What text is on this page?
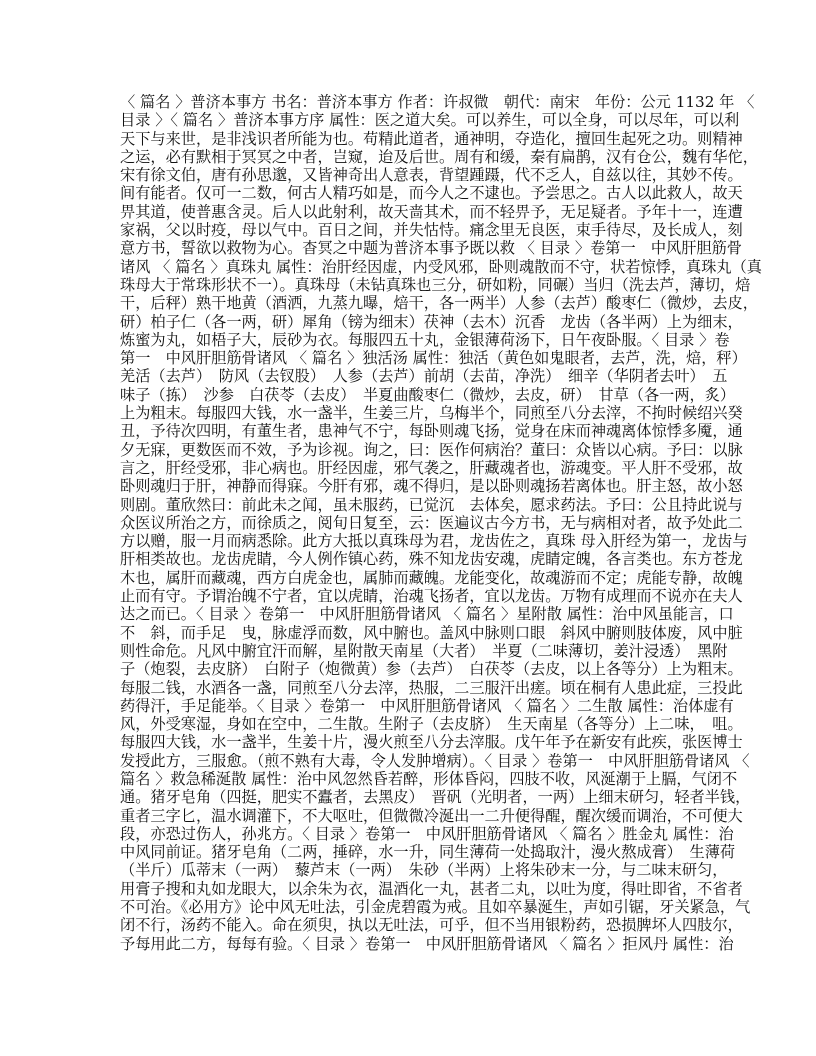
〈 篇名 〉普济本事方 书名：普济本事方 作者：许叔微　朝代：南宋　年份：公元 1132 年 〈
目录 〉〈 篇名 〉普济本事方序 属性：医之道大矣。可以养生，可以全身，可以尽年，可以利
天下与来世，是非浅识者所能为也。苟精此道者，通神明，夺造化，擅回生起死之功。则精神
之运，必有默相于冥冥之中者，岂窥，迨及后世。周有和缓，秦有扁鹊，汉有仓公，魏有华佗，
宋有徐文伯，唐有孙思邈，又皆神奇出人意表，背望踵蹑，代不乏人，自兹以往，其妙不传。
间有能者。仅可一二数，何古人精巧如是，而今人之不逮也。予尝思之。古人以此救人，故天
畀其道，使普惠含灵。后人以此射利，故天啬其术，而不轻畀予，无足疑者。予年十一，连遭
家祸，父以时疫，母以气中。百日之间，并失怙恃。痛念里无良医，束手待尽，及长成人，刻
意方书，誓欲以救物为心。杳冥之中题为普济本事予既以救 〈 目录 〉卷第一　中风肝胆筋骨
诸风 〈 篇名 〉真珠丸 属性：治肝经因虚，内受风邪，卧则魂散而不守，状若惊悸，真珠丸（真
珠母大于常珠形状不一）。真珠母（未钻真珠也三分，研如粉，同碾）当归（洗去芦，薄切，焙
干，后秤）熟干地黄（酒洒，九蒸九曝，焙干，各一两半）人参（去芦）酸枣仁（微炒，去皮，
研）柏子仁（各一两，研）犀角（镑为细末）茯神（去木）沉香　龙齿（各半两）上为细末，
炼蜜为丸，如梧子大，辰砂为衣。每服四五十丸，金银薄荷汤下，日午夜卧服。〈 目录 〉卷
第一　中风肝胆筋骨诸风 〈 篇名 〉独活汤 属性：独活（黄色如鬼眼者，去芦，洗，焙，秤）
羌活（去芦）　防风（去钗股）　人参（去芦）前胡（去苗，净洗）　细辛（华阴者去叶）　五
味子（拣）　沙参　白茯苓（去皮）　半夏曲酸枣仁（微炒，去皮，研）　甘草（各一两，炙）
上为粗末。每服四大钱，水一盏半，生姜三片，乌梅半个，同煎至八分去滓，不拘时候绍兴癸
丑，予待次四明，有董生者，患神气不宁，每卧则魂飞扬，觉身在床而神魂离体惊悸多魇，通
夕无寐，更数医而不效，予为诊视。询之，曰：医作何病治？董曰：众皆以心病。予曰：以脉
言之，肝经受邪，非心病也。肝经因虚，邪气袭之，肝藏魂者也，游魂变。平人肝不受邪，故
卧则魂归于肝，神静而得寐。今肝有邪，魂不得归，是以卧则魂扬若离体也。肝主怒，故小怒
则剧。董欣然曰：前此未之闻，虽未服药，已觉沉　去体矣，愿求药法。予曰：公且持此说与
众医议所治之方，而徐质之，阅旬日复至，云：医遍议古今方书，无与病相对者，故予处此二
方以赠，服一月而病悉除。此方大抵以真珠母为君，龙齿佐之，真珠 母入肝经为第一，龙齿与
肝相类故也。龙齿虎睛，今人例作镇心药，殊不知龙齿安魂，虎睛定魄，各言类也。东方苍龙
木也，属肝而藏魂，西方白虎金也，属肺而藏魄。龙能变化，故魂游而不定；虎能专静，故魄
止而有守。予谓治魄不宁者，宜以虎睛，治魂飞扬者，宜以龙齿。万物有成理而不说亦在夫人
达之而已。〈 目录 〉卷第一　中风肝胆筋骨诸风 〈 篇名 〉星附散 属性：治中风虽能言，口
不　斜，而手足　曳，脉虚浮而数，风中腑也。盖风中脉则口眼　斜风中腑则肢体废，风中脏
则性命危。凡风中腑宜汗而解，星附散天南星（大者）　半夏（二味薄切，姜汁浸透）　黑附
子（炮裂，去皮脐）　白附子（炮微黄）参（去芦）　白茯苓（去皮，以上各等分）上为粗末。
每服二钱，水酒各一盏，同煎至八分去滓，热服，二三服汗出瘥。顷在桐有人患此症，三投此
药得汗，手足能举。〈 目录 〉卷第一　中风肝胆筋骨诸风 〈 篇名 〉二生散 属性：治体虚有
风，外受寒湿，身如在空中，二生散。生附子（去皮脐）　生天南星（各等分）上二味，　咀。
每服四大钱，水一盏半，生姜十片，漫火煎至八分去滓服。戊午年予在新安有此疾，张医博士
发授此方，三服愈。（煎不熟有大毒，令人发肿增病）。〈 目录 〉卷第一　中风肝胆筋骨诸风 〈
篇名 〉救急稀涎散 属性：治中风忽然昏若醉，形体昏闷，四肢不收，风涎潮于上膈，气闭不
通。猪牙皂角（四挺，肥实不蠹者，去黑皮）　晋矾（光明者，一两）上细末研匀，轻者半钱，
重者三字匕，温水调灌下，不大呕吐，但微微冷涎出一二升便得醒，醒次缓而调治，不可便大
段，亦恐过伤人，孙兆方。〈 目录 〉卷第一　中风肝胆筋骨诸风 〈 篇名 〉胜金丸 属性：治
中风同前证。猪牙皂角（二两，捶碎，水一升，同生薄荷一处捣取汁，漫火熬成膏）　生薄荷
（半斤）瓜蒂末（一两）　藜芦末（一两）　朱砂（半两）上将朱砂末一分，与二味末研匀，
用膏子搜和丸如龙眼大，以余朱为衣，温酒化一丸，甚者二丸，以吐为度，得吐即省，不省者
不可治。《必用方》论中风无吐法，引金虎碧霞为戒。且如卒暴涎生，声如引锯，牙关紧急，气
闭不行，汤药不能入。命在须臾，执以无吐法，可乎，但不当用银粉药，恐损脾坏人四肢尔，
予每用此二方，每每有验。〈 目录 〉卷第一　中风肝胆筋骨诸风 〈 篇名 〉拒风丹 属性：治
